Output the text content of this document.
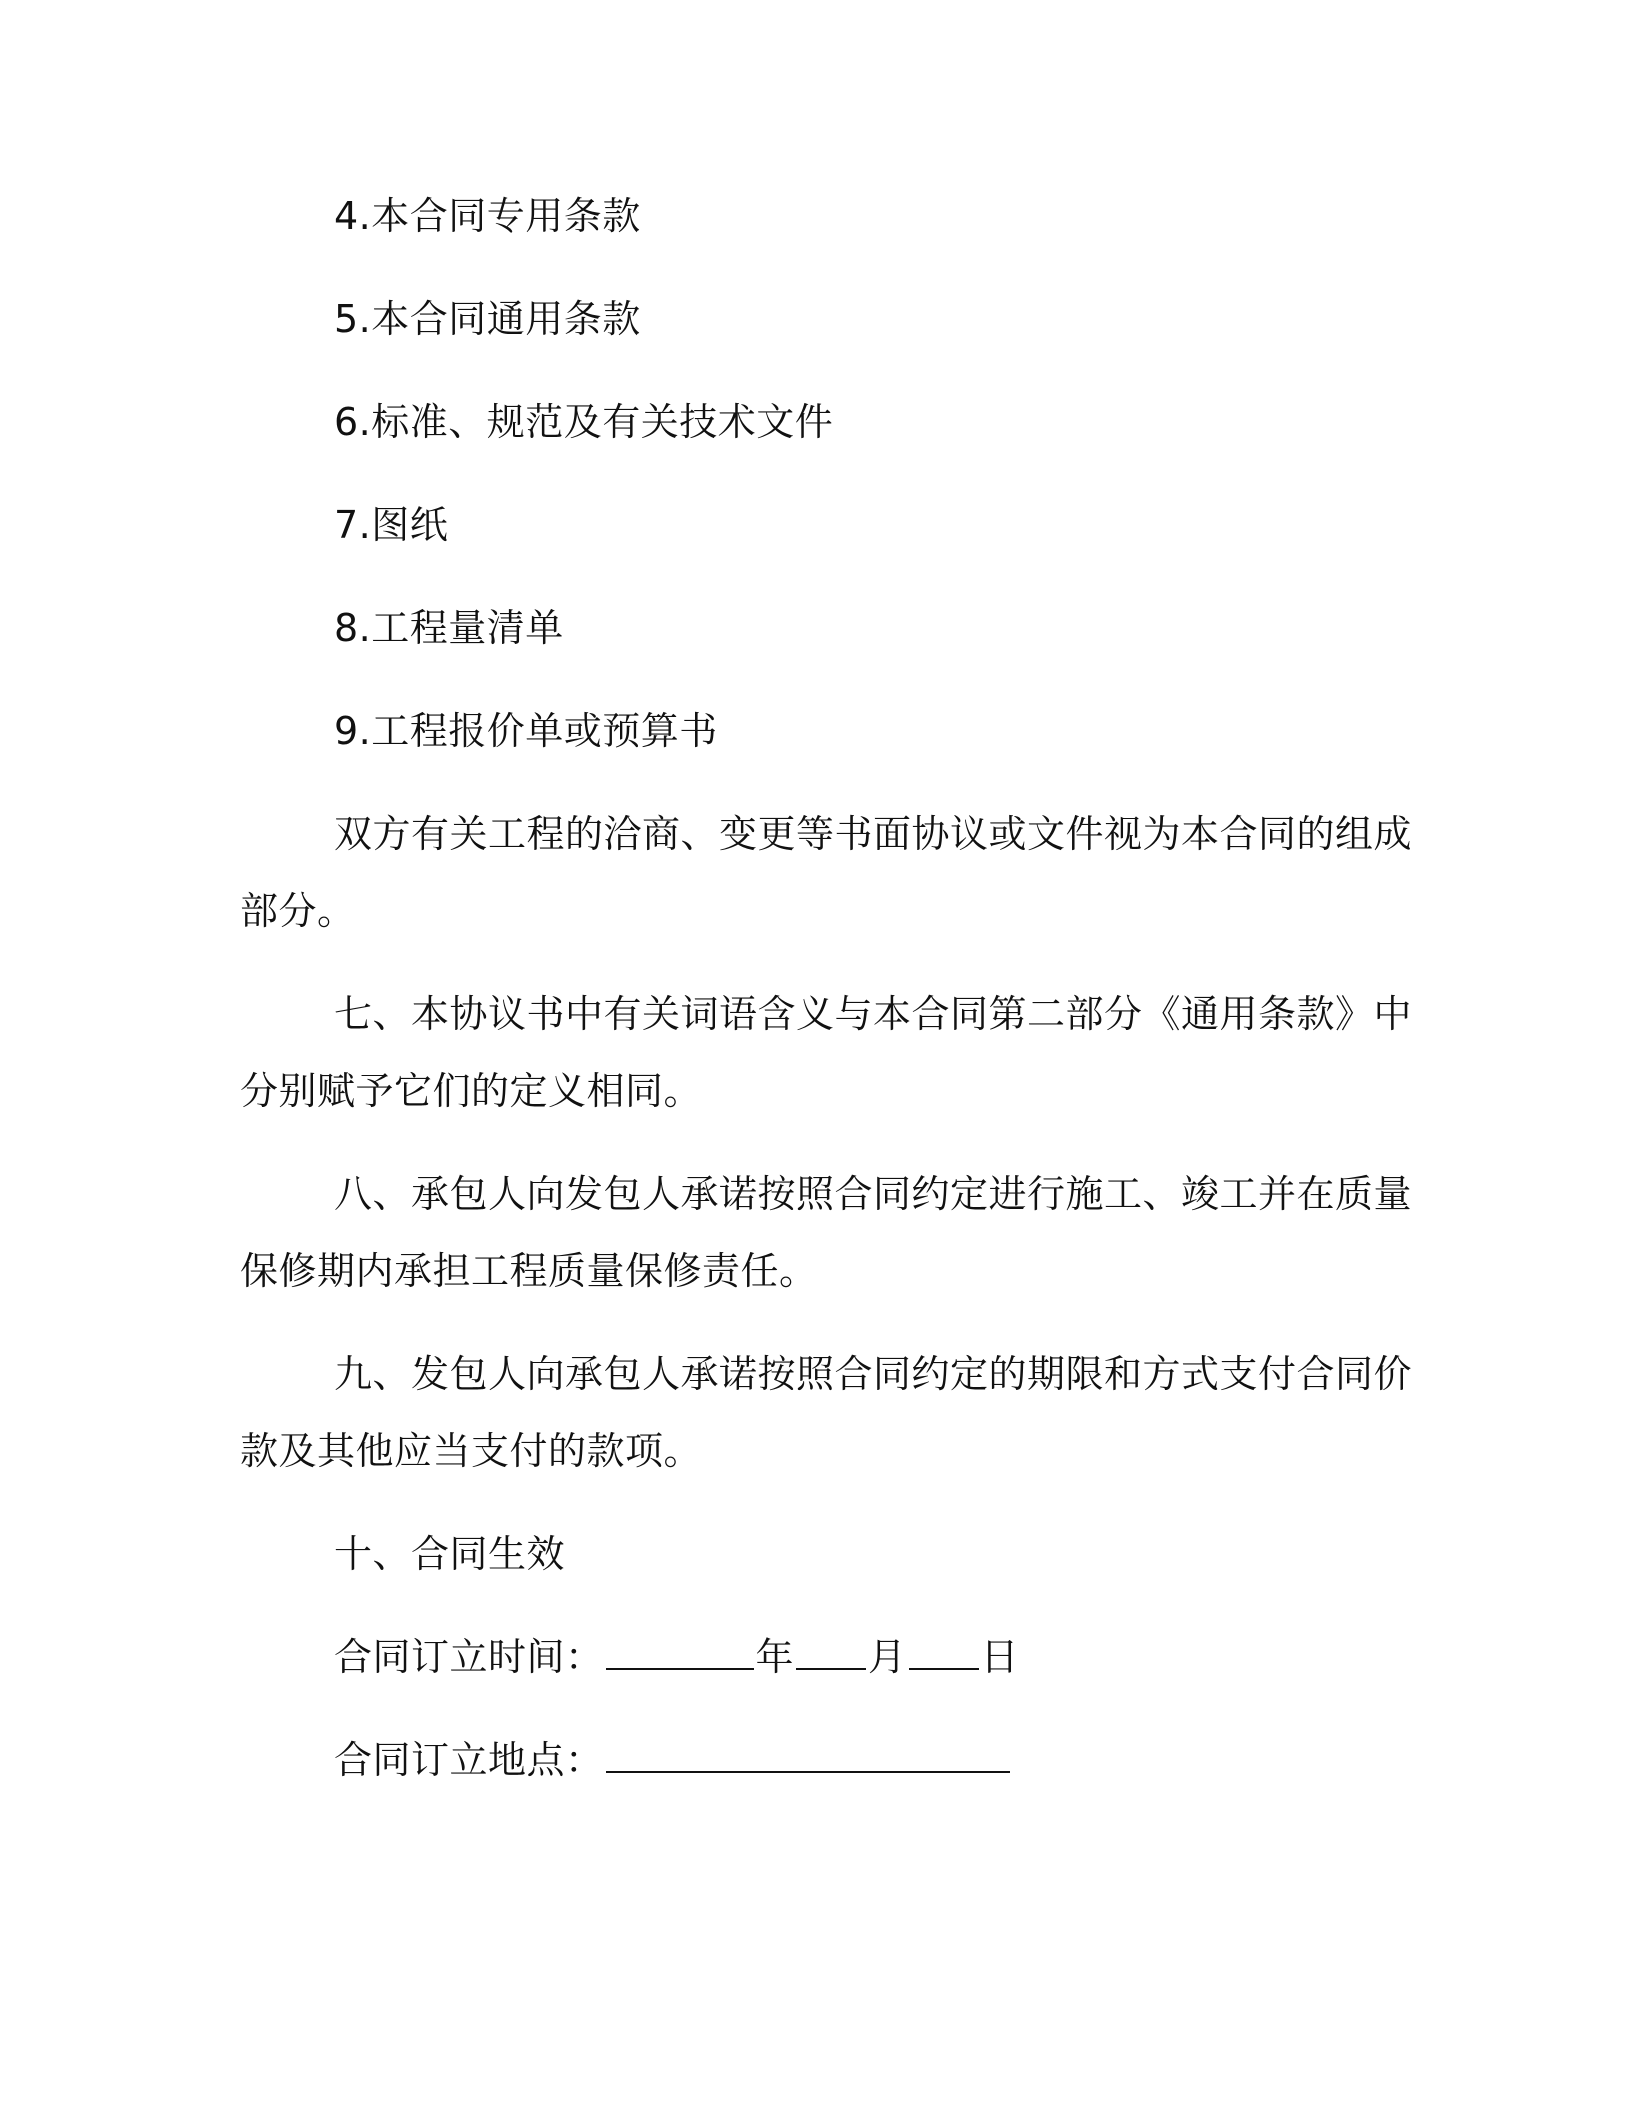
4.本合同专用条款
5.本合同通用条款
6.标准、规范及有关技术文件
7.图纸
8.工程量清单
9.工程报价单或预算书
双方有关工程的洽商、变更等书面协议或文件视为本合同的组成
部分。
七、本协议书中有关词语含义与本合同第二部分《通用条款》中
分别赋予它们的定义相同。
八、承包人向发包人承诺按照合同约定进行施工、竣工并在质量
保修期内承担工程质量保修责任。
九、发包人向承包人承诺按照合同约定的期限和方式支付合同价
款及其他应当支付的款项。
十、合同生效
合同订立时间：	年 月 日
合同订立地点：
